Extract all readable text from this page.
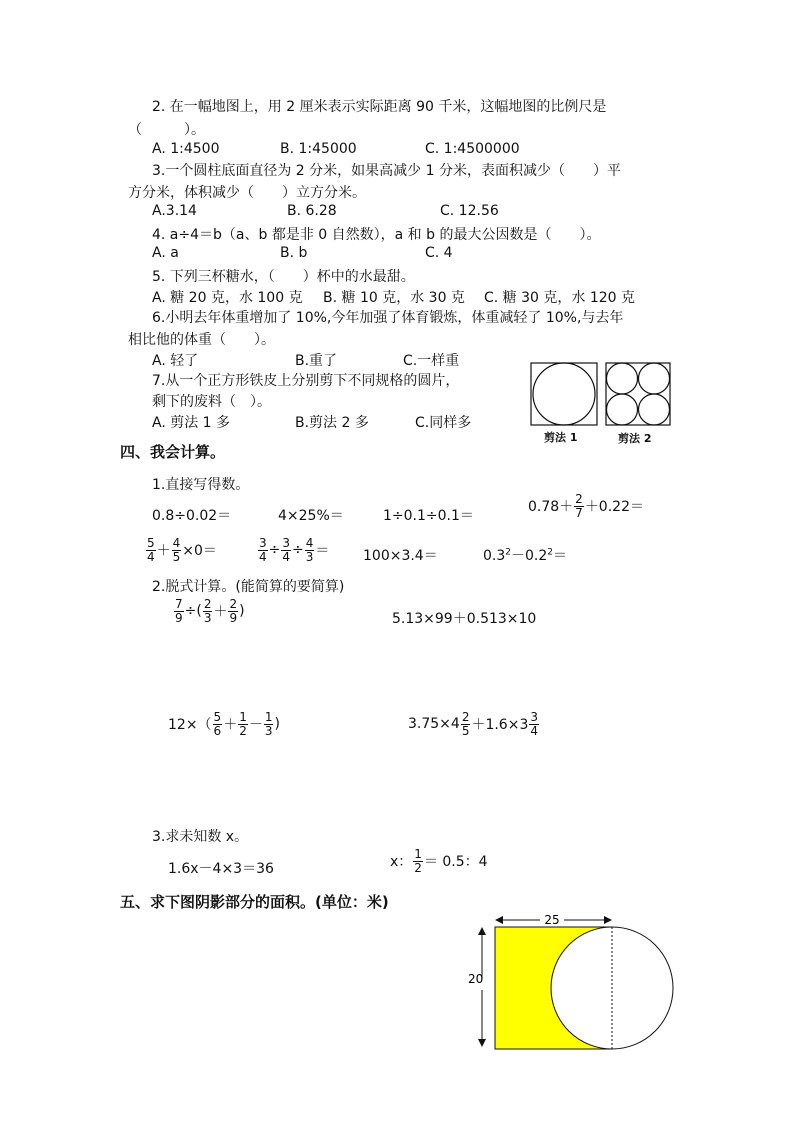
2. 在一幅地图上，用 2 厘米表示实际距离 90 千米，这幅地图的比例尺是
（　　　）。
A. 1:4500	B. 1:45000	C. 1:4500000
3.一个圆柱底面直径为 2 分米，如果高减少 1 分米，表面积减少（　　）平
方分米，体积减少（　　）立方分米。
A.3.14	B. 6.28	C. 12.56
4. a÷4＝b（a、b 都是非 0 自然数），a 和 b 的最大公因数是（　　）。
A. a	B. b	C. 4
5. 下列三杯糖水，（　　）杯中的水最甜。
A. 糖 20 克，水 100 克 B. 糖 10 克，水 30 克 C. 糖 30 克，水 120 克
6.小明去年体重增加了 10%,今年加强了体育锻炼，体重减轻了 10%,与去年
相比他的体重（　　）。
A. 轻了	B.重了	C.一样重
7.从一个正方形铁皮上分别剪下不同规格的圆片，
剩下的废料（　）。
A. 剪法 1 多	B.剪法 2 多	C.同样多
剪法 1	剪法 2
四、我会计算。
1.直接写得数。
0.8÷0.02＝	4×25%＝	1÷0.1÷0.1＝
$0.78+ \frac{2}{7} +0.22=$
$\frac{5}{4} + \frac{4}{5} \times 0=$	$\frac{3}{4} \div \frac{3}{4} \div \frac{4}{3} = 100\times 3.4=$	$0.3^2-0.2^2=$
2.脱式计算。(能简算的要简算)
$\frac{7}{9}$ ÷( $\frac{2}{3} + \frac{2}{9}$ )	5.13×99＋0.513×10
$12\times( \frac{5}{6} + \frac{1}{2} - \frac{1}{3}$ )	$3.75\times 4 \frac{2}{5} +1.6\times 3 \frac{3}{4}$
3.求未知数 x。
1.6x－4×3＝36	x： $\frac{1}{2} = 0.5$：4
五、求下图阴影部分的面积。(单位：米)
25
20
